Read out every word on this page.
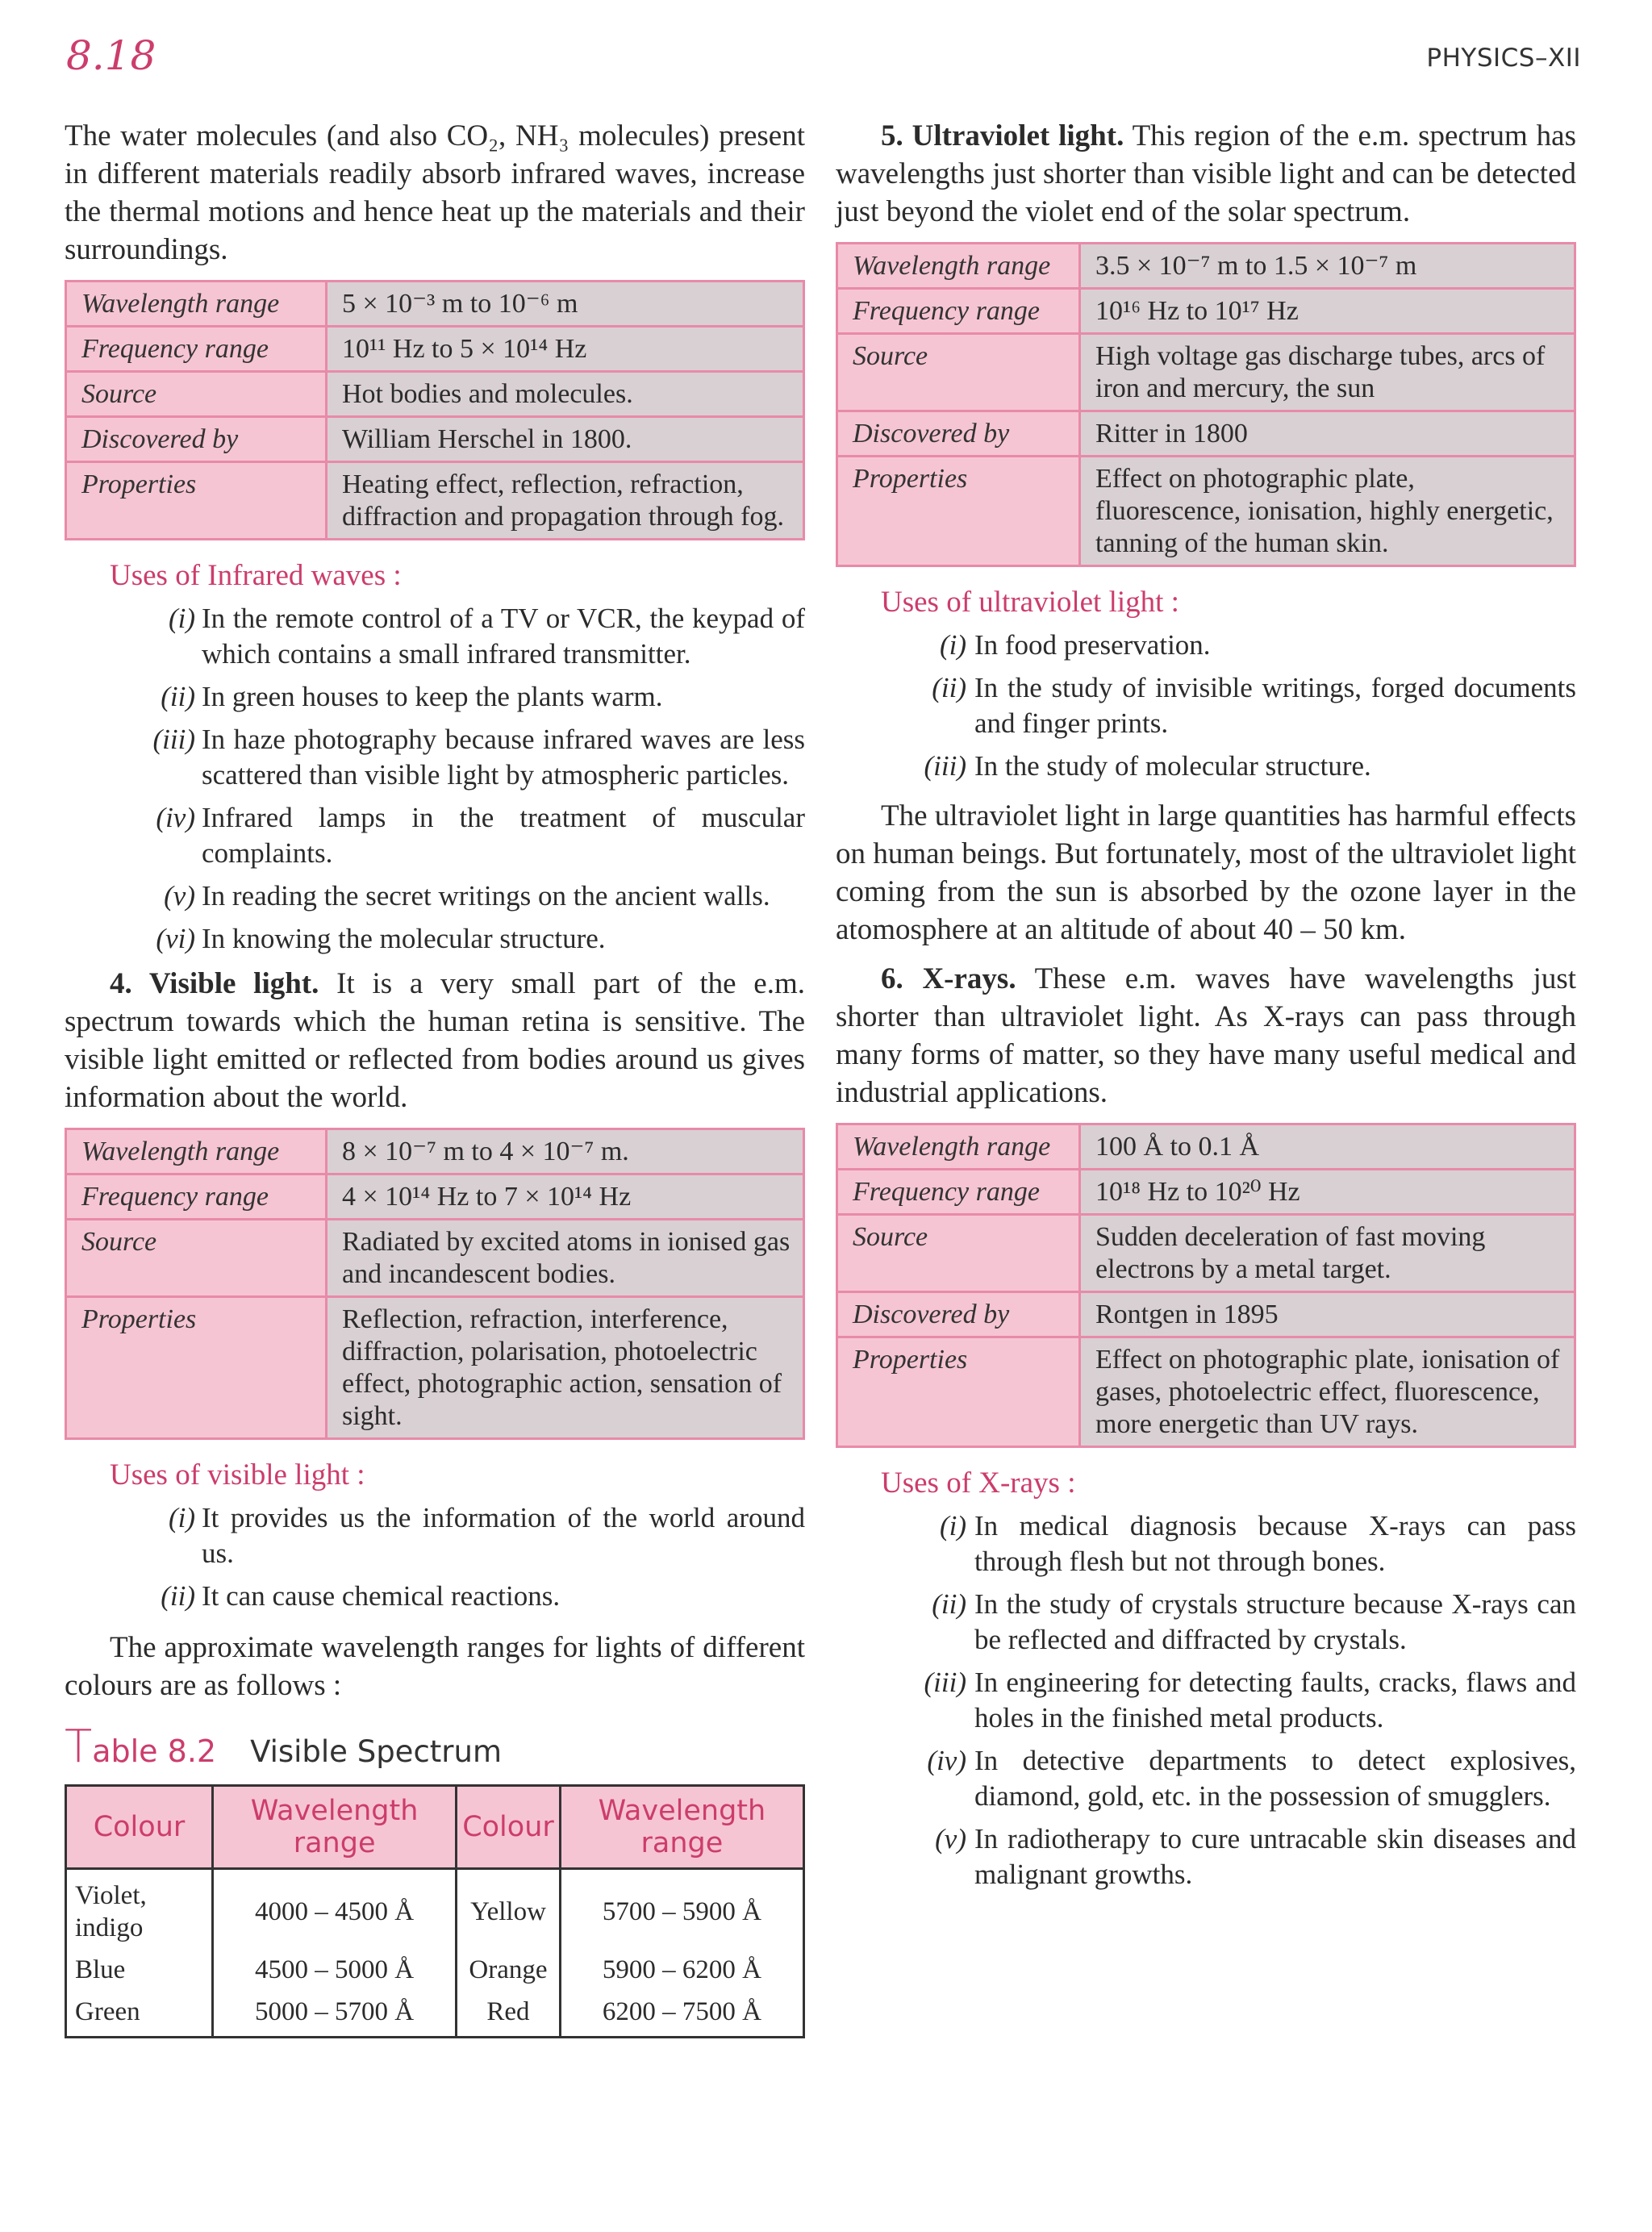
8.18	PHYSICS–XII

The water molecules (and also CO₂, NH₃ molecules) present in different materials readily absorb infrared waves, increase the thermal motions and hence heat up the materials and their surroundings.

Wavelength range	5 × 10⁻³ m to 10⁻⁶ m
Frequency range	10¹¹ Hz to 5 × 10¹⁴ Hz
Source	Hot bodies and molecules.
Discovered by	William Herschel in 1800.
Properties	Heating effect, reflection, refraction, diffraction and propagation through fog.
Uses of Infrared waves :
(i) In the remote control of a TV or VCR, the keypad of which contains a small infrared transmitter.
(ii) In green houses to keep the plants warm.
(iii) In haze photography because infrared waves are less scattered than visible light by atmospheric particles.
(iv) Infrared lamps in the treatment of muscular complaints.
(v) In reading the secret writings on the ancient walls.
(vi) In knowing the molecular structure.

4. Visible light. It is a very small part of the e.m. spectrum towards which the human retina is sensitive. The visible light emitted or reflected from bodies around us gives information about the world.

Wavelength range	8 × 10⁻⁷ m to 4 × 10⁻⁷ m.
Frequency range	4 × 10¹⁴ Hz to 7 × 10¹⁴ Hz
Source	Radiated by excited atoms in ionised gas and incandescent bodies.
Properties	Reflection, refraction, interference, diffraction, polarisation, photoelectric effect, photographic action, sensation of sight.
Uses of visible light :
(i) It provides us the information of the world around us.
(ii) It can cause chemical reactions.

The approximate wavelength ranges for lights of different colours are as follows :

T able 8.2 Visible Spectrum
Colour	Wavelength range	Colour	Wavelength range
Violet, indigo	4000 – 4500 Å	Yellow	5700 – 5900 Å
Blue	4500 – 5000 Å	Orange	5900 – 6200 Å
Green	5000 – 5700 Å	Red	6200 – 7500 Å

5. Ultraviolet light. This region of the e.m. spectrum has wavelengths just shorter than visible light and can be detected just beyond the violet end of the solar spectrum.

Wavelength range	3.5 × 10⁻⁷ m to 1.5 × 10⁻⁷ m
Frequency range	10¹⁶ Hz to 10¹⁷ Hz
Source	High voltage gas discharge tubes, arcs of iron and mercury, the sun
Discovered by	Ritter in 1800
Properties	Effect on photographic plate, fluorescence, ionisation, highly energetic, tanning of the human skin.
Uses of ultraviolet light :
(i) In food preservation.
(ii) In the study of invisible writings, forged documents and finger prints.
(iii) In the study of molecular structure.

The ultraviolet light in large quantities has harmful effects on human beings. But fortunately, most of the ultraviolet light coming from the sun is absorbed by the ozone layer in the atomosphere at an altitude of about 40 – 50 km.

6. X-rays. These e.m. waves have wavelengths just shorter than ultraviolet light. As X-rays can pass through many forms of matter, so they have many useful medical and industrial applications.

Wavelength range	100 Å to 0.1 Å
Frequency range	10¹⁸ Hz to 10²⁰ Hz
Source	Sudden deceleration of fast moving electrons by a metal target.
Discovered by	Rontgen in 1895
Properties	Effect on photographic plate, ionisation of gases, photoelectric effect, fluorescence, more energetic than UV rays.
Uses of X-rays :
(i) In medical diagnosis because X-rays can pass through flesh but not through bones.
(ii) In the study of crystals structure because X-rays can be reflected and diffracted by crystals.
(iii) In engineering for detecting faults, cracks, flaws and holes in the finished metal products.
(iv) In detective departments to detect explosives, diamond, gold, etc. in the possession of smugglers.
(v) In radiotherapy to cure untracable skin diseases and malignant growths.
